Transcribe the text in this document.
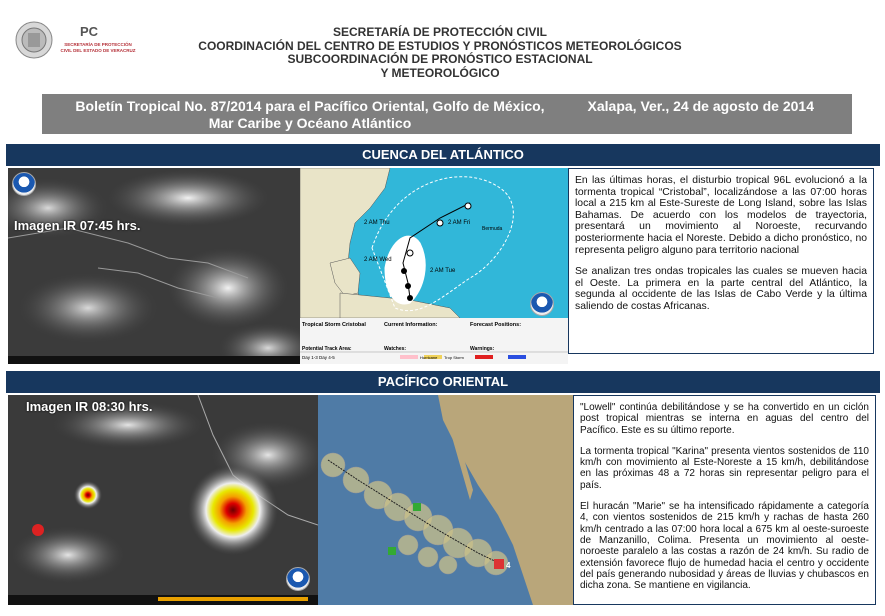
PC
SECRETARÍA DE PROTECCIÓN CIVIL DEL ESTADO DE VERACRUZ
SECRETARÍA DE PROTECCIÓN CIVIL
COORDINACIÓN DEL CENTRO DE ESTUDIOS Y PRONÓSTICOS METEOROLÓGICOS
SUBCOORDINACIÓN DE PRONÓSTICO ESTACIONAL
Y METEOROLÓGICO
Boletín Tropical No. 87/2014 para el Pacífico Oriental, Golfo de México, Mar Caribe y Océano Atlántico
Xalapa, Ver., 24 de agosto de 2014
CUENCA DEL ATLÁNTICO
Imagen IR 07:45 hrs.
2 AM Tue
2 AM Wed
2 AM Thu	2 AM Fri
Bermuda
Tropical Storm Cristobal	Current Information:	Forecast Positions:
Potential Track Area:
Day 1-3 Day 4-5
Watches:	Warnings:
Hurricane Trop Storm

En las últimas horas, el disturbio tropical 96L evolucionó a la tormenta tropical “Cristobal”, localizándose a las 07:00 horas local a 215 km al Este-Sureste de Long Island, sobre las Islas Bahamas. De acuerdo con los modelos de trayectoria, presentará un movimiento al Noroeste, recurvando posteriormente hacia el Noreste. Debido a dicho pronóstico, no representa peligro alguno para territorio nacional

Se analizan tres ondas tropicales las cuales se mueven hacia el Oeste. La primera en la parte central del Atlántico, la segunda al occidente de las Islas de Cabo Verde y la última saliendo de costas Africanas.

PACÍFICO ORIENTAL
Imagen IR 08:30 hrs.
4

"Lowell" continúa debilitándose y se ha convertido en un ciclón post tropical mientras se interna en aguas del centro del Pacífico. Este es su último reporte.

La tormenta tropical "Karina" presenta vientos sostenidos de 110 km/h con movimiento al Este-Noreste a 15 km/h, debilitándose en las próximas 48 a 72 horas sin representar peligro para el país.

El huracán "Marie" se ha intensificado rápidamente a categoría 4, con vientos sostenidos de 215 km/h y rachas de hasta 260 km/h centrado a las 07:00 hora local a 675 km al oeste-suroeste de Manzanillo, Colima. Presenta un movimiento al oeste-noroeste paralelo a las costas a razón de 24 km/h. Su radio de extensión favorece flujo de humedad hacia el centro y occidente del país generando nubosidad y áreas de lluvias y chubascos en dicha zona. Se mantiene en vigilancia.
